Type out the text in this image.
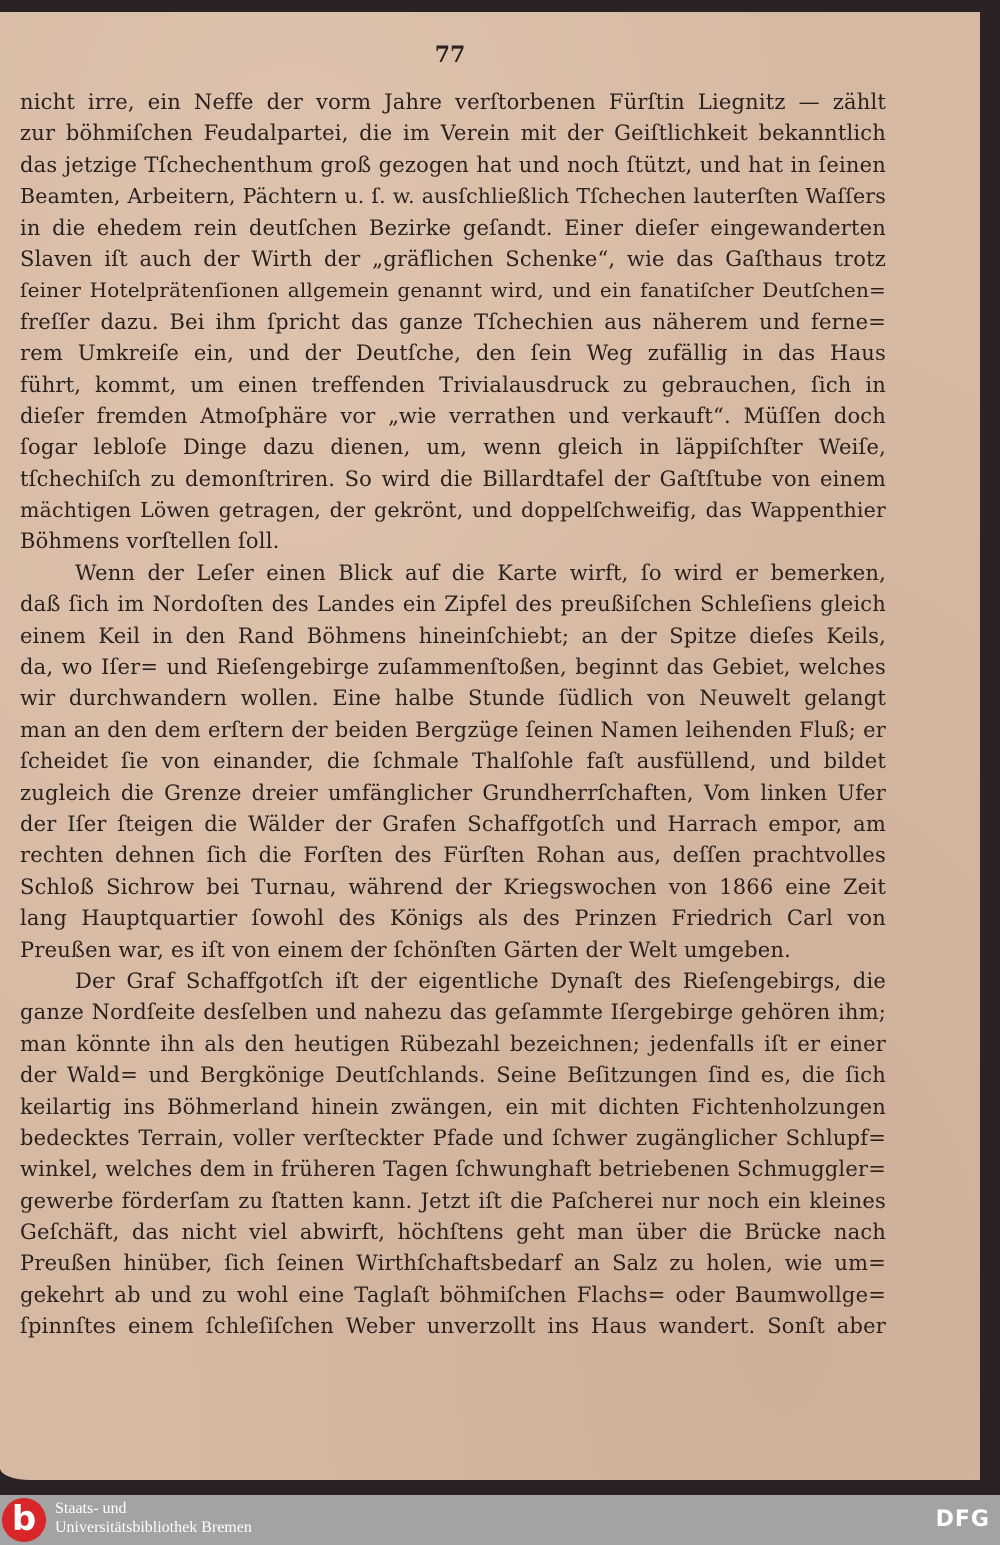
77
nicht irre, ein Neffe der vorm Jahre verſtorbenen Fürſtin Liegnitz — zählt
zur böhmiſchen Feudalpartei, die im Verein mit der Geiſtlichkeit bekanntlich
das jetzige Tſchechenthum groß gezogen hat und noch ſtützt, und hat in ſeinen
Beamten, Arbeitern, Pächtern u. ſ. w. ausſchließlich Tſchechen lauterſten Waſſers
in die ehedem rein deutſchen Bezirke geſandt. Einer dieſer eingewanderten
Slaven iſt auch der Wirth der „gräflichen Schenke“, wie das Gaſthaus trotz
ſeiner Hotelprätenſionen allgemein genannt wird, und ein fanatiſcher Deutſchen=
freſſer dazu. Bei ihm ſpricht das ganze Tſchechien aus näherem und ferne=
rem Umkreiſe ein, und der Deutſche, den ſein Weg zufällig in das Haus
führt, kommt, um einen treffenden Trivialausdruck zu gebrauchen, ſich in
dieſer fremden Atmoſphäre vor „wie verrathen und verkauft“. Müſſen doch
ſogar lebloſe Dinge dazu dienen, um, wenn gleich in läppiſchſter Weiſe,
tſchechiſch zu demonſtriren. So wird die Billardtafel der Gaſtſtube von einem
mächtigen Löwen getragen, der gekrönt, und doppelſchweifig, das Wappenthier
Böhmens vorſtellen ſoll.
Wenn der Leſer einen Blick auf die Karte wirft, ſo wird er bemerken,
daß ſich im Nordoſten des Landes ein Zipfel des preußiſchen Schleſiens gleich
einem Keil in den Rand Böhmens hineinſchiebt; an der Spitze dieſes Keils,
da, wo Iſer= und Rieſengebirge zuſammenſtoßen, beginnt das Gebiet, welches
wir durchwandern wollen. Eine halbe Stunde ſüdlich von Neuwelt gelangt
man an den dem erſtern der beiden Bergzüge ſeinen Namen leihenden Fluß; er
ſcheidet ſie von einander, die ſchmale Thalſohle faſt ausfüllend, und bildet
zugleich die Grenze dreier umfänglicher Grundherrſchaften, Vom linken Ufer
der Iſer ſteigen die Wälder der Grafen Schaffgotſch und Harrach empor, am
rechten dehnen ſich die Forſten des Fürſten Rohan aus, deſſen prachtvolles
Schloß Sichrow bei Turnau, während der Kriegswochen von 1866 eine Zeit
lang Hauptquartier ſowohl des Königs als des Prinzen Friedrich Carl von
Preußen war, es iſt von einem der ſchönſten Gärten der Welt umgeben.
Der Graf Schaffgotſch iſt der eigentliche Dynaſt des Rieſengebirgs, die
ganze Nordſeite desſelben und nahezu das geſammte Iſergebirge gehören ihm;
man könnte ihn als den heutigen Rübezahl bezeichnen; jedenfalls iſt er einer
der Wald= und Bergkönige Deutſchlands. Seine Beſitzungen ſind es, die ſich
keilartig ins Böhmerland hinein zwängen, ein mit dichten Fichtenholzungen
bedecktes Terrain, voller verſteckter Pfade und ſchwer zugänglicher Schlupf=
winkel, welches dem in früheren Tagen ſchwunghaft betriebenen Schmuggler=
gewerbe förderſam zu ſtatten kann. Jetzt iſt die Paſcherei nur noch ein kleines
Geſchäft, das nicht viel abwirft, höchſtens geht man über die Brücke nach
Preußen hinüber, ſich ſeinen Wirthſchaftsbedarf an Salz zu holen, wie um=
gekehrt ab und zu wohl eine Taglaſt böhmiſchen Flachs= oder Baumwollge=
ſpinnſtes einem ſchleſiſchen Weber unverzollt ins Haus wandert. Sonſt aber
b	Staats- und
Universitätsbibliothek Bremen	DFG
